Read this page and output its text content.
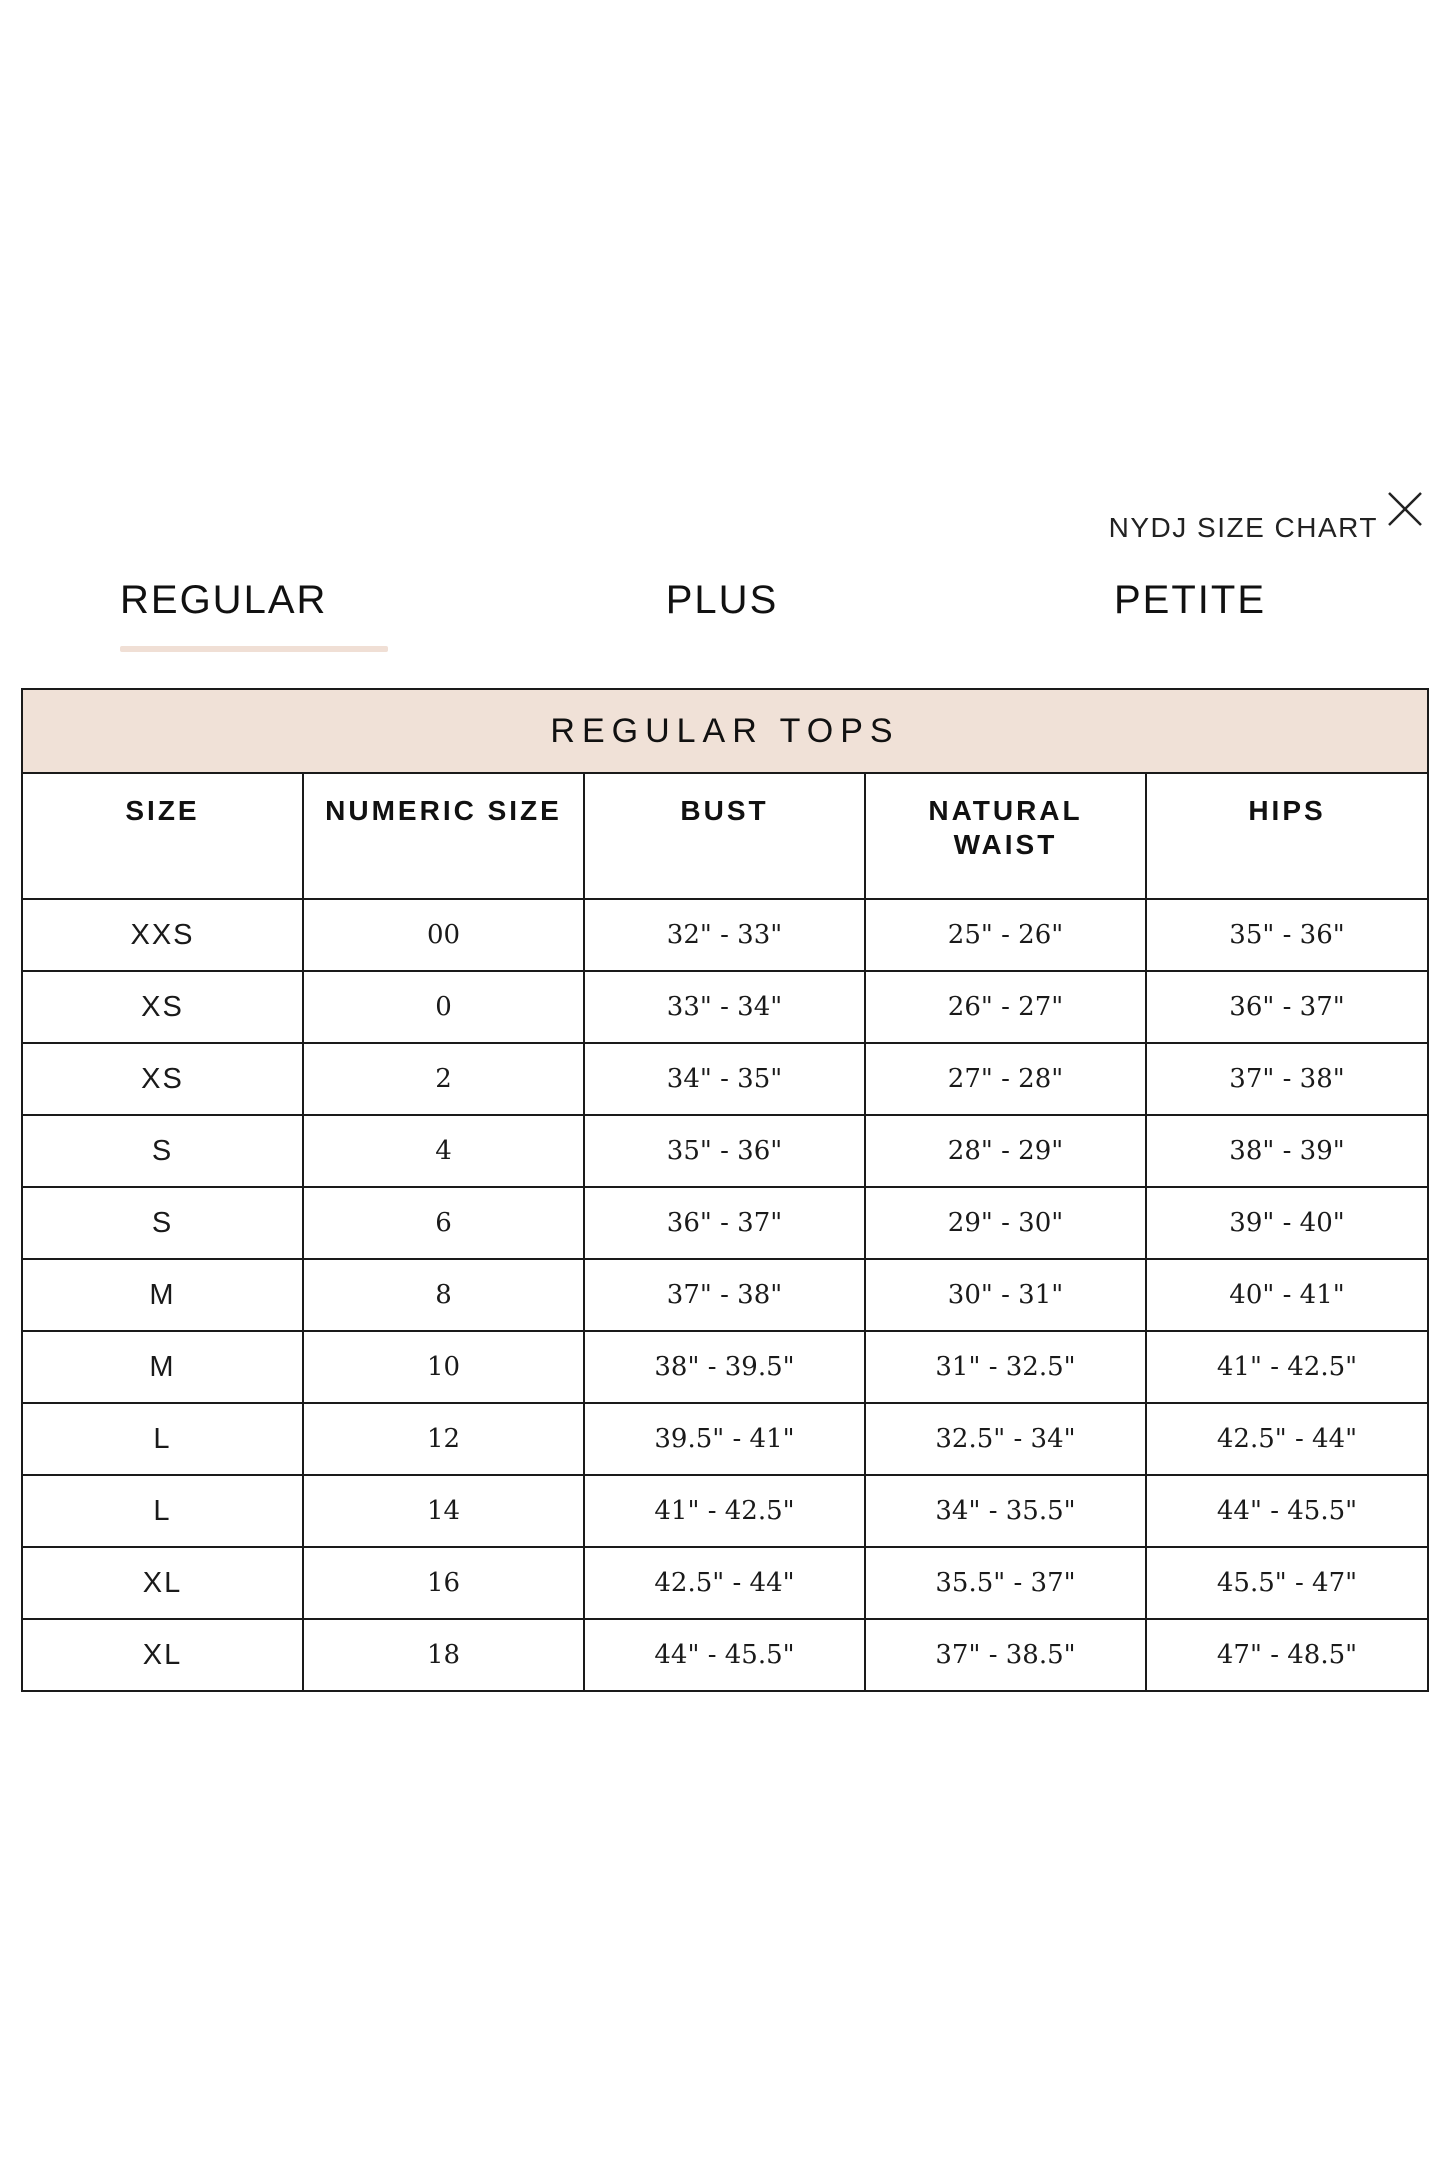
NYDJ SIZE CHART
REGULAR	PLUS	PETITE
REGULAR TOPS				
SIZE	NUMERIC SIZE	BUST	NATURAL WAIST	HIPS
XXS	00	32" - 33"	25" - 26"	35" - 36"
XS	0	33" - 34"	26" - 27"	36" - 37"
XS	2	34" - 35"	27" - 28"	37" - 38"
S	4	35" - 36"	28" - 29"	38" - 39"
S	6	36" - 37"	29" - 30"	39" - 40"
M	8	37" - 38"	30" - 31"	40" - 41"
M	10	38" - 39.5"	31" - 32.5"	41" - 42.5"
L	12	39.5" - 41"	32.5" - 34"	42.5" - 44"
L	14	41" - 42.5"	34" - 35.5"	44" - 45.5"
XL	16	42.5" - 44"	35.5" - 37"	45.5" - 47"
XL	18	44" - 45.5"	37" - 38.5"	47" - 48.5"
